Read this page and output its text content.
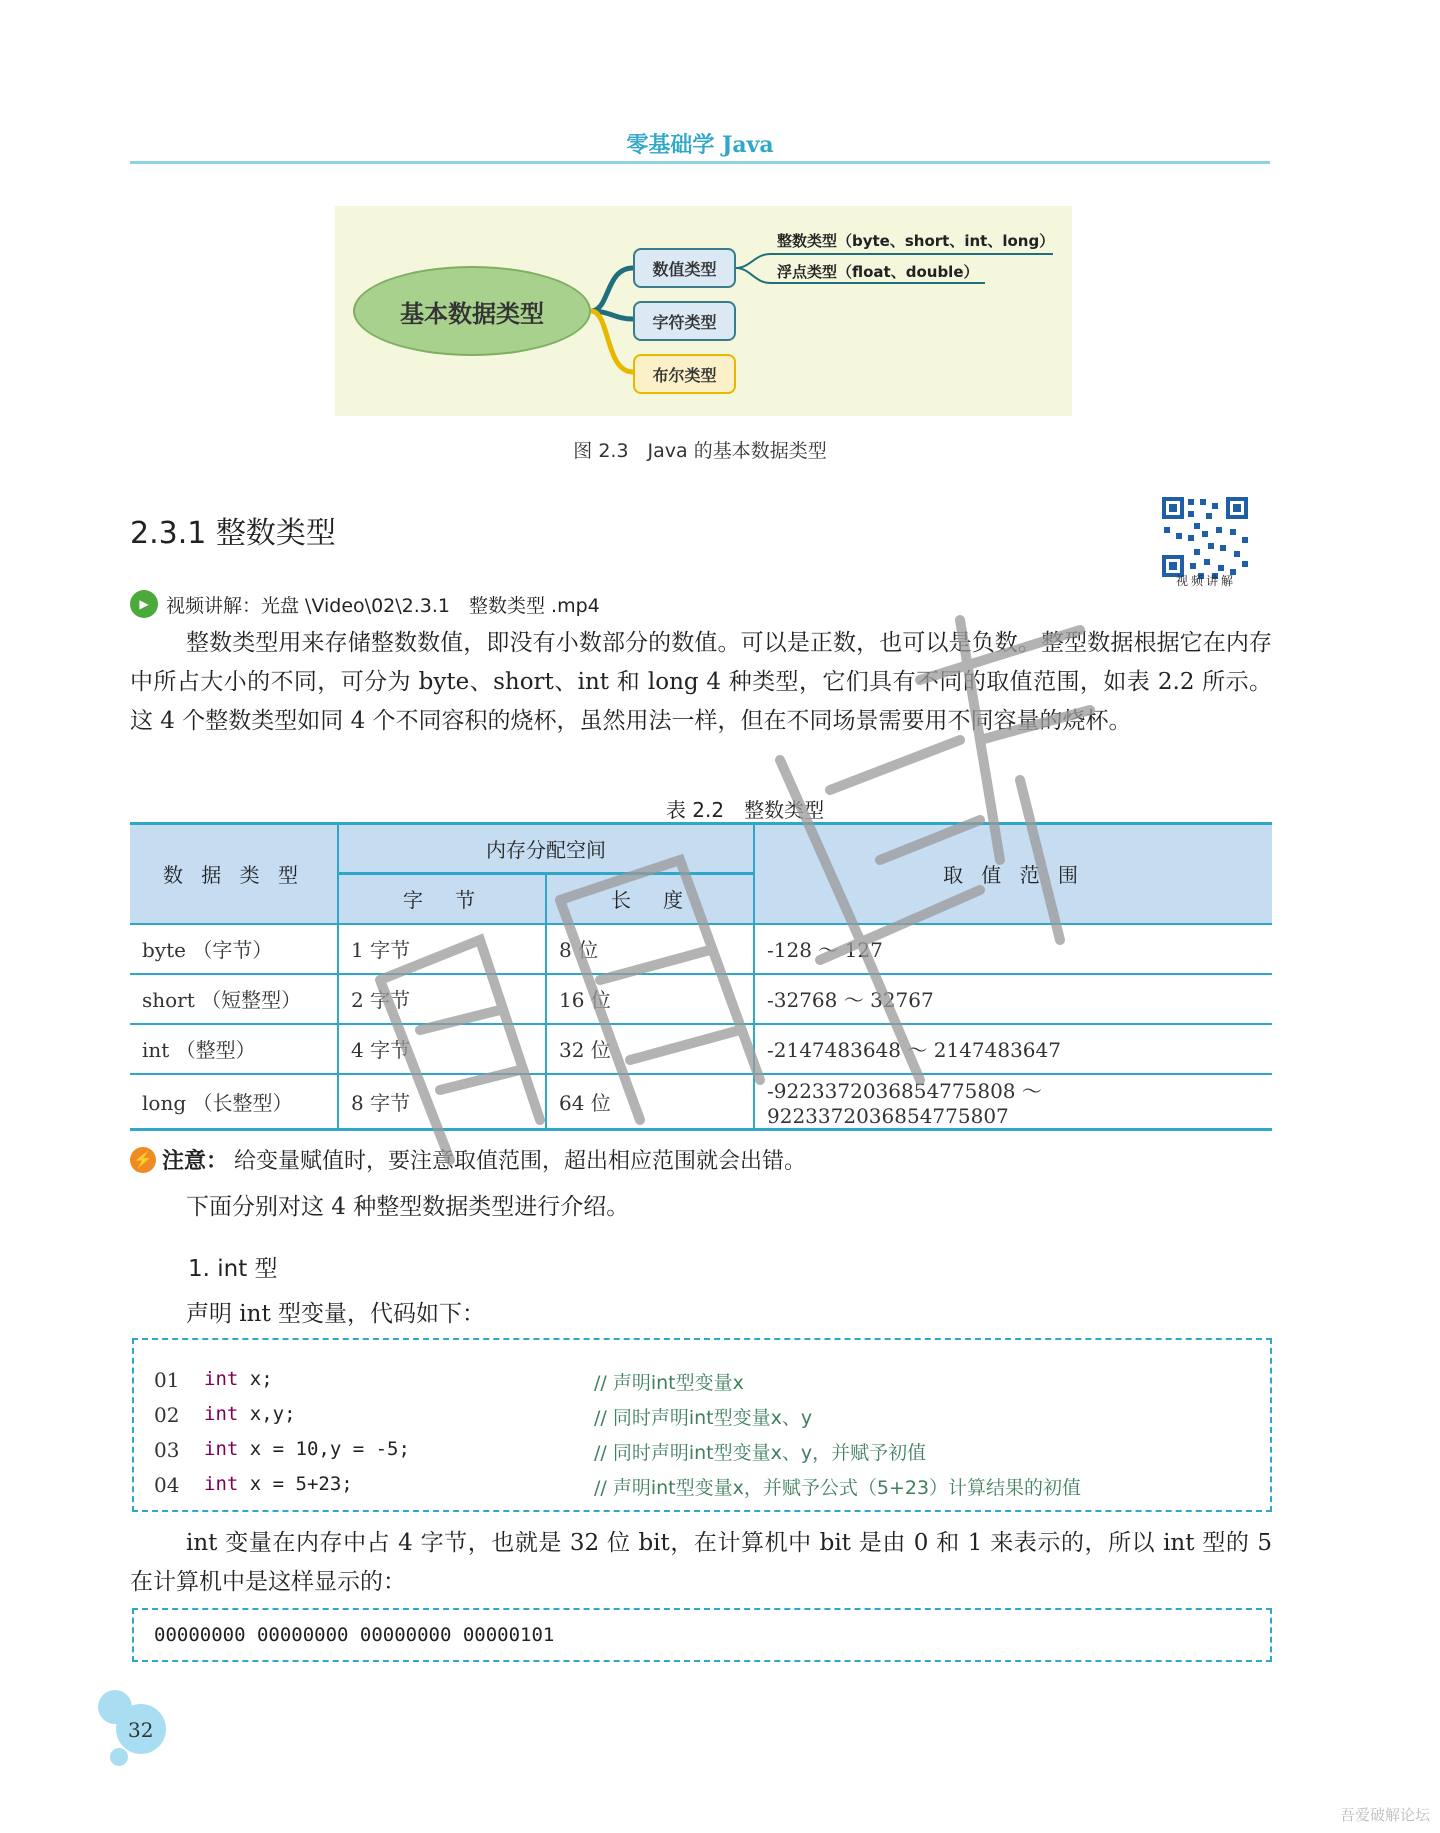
零基础学 Java
基本数据类型
数值类型
字符类型
布尔类型
整数类型（byte、short、int、long）
浮点类型（float、double）
图 2.3　Java 的基本数据类型
2.3.1 整数类型
视频讲解
▶ 视频讲解：光盘 \Video\02\2.3.1　整数类型 .mp4

整数类型用来存储整数数值，即没有小数部分的数值。可以是正数，也可以是负数。整型数据根据它在内存中所占大小的不同，可分为 byte、short、int 和 long 4 种类型，它们具有不同的取值范围，如表 2.2 所示。这 4 个整数类型如同 4 个不同容积的烧杯，虽然用法一样，但在不同场景需要用不同容量的烧杯。

表 2.2　整数类型
数 据 类 型	内存分配空间		取 值 范 围
	字　节	长　度	
byte （字节）	1 字节	8 位	-128 ～ 127
short （短整型）	2 字节	16 位	-32768 ～ 32767
int （整型）	4 字节	32 位	-2147483648 ～ 2147483647
long （长整型）	8 字节	64 位	-9223372036854775808 ～ 9223372036854775807
⚡ 注意： 给变量赋值时，要注意取值范围，超出相应范围就会出错。

下面分别对这 4 种整型数据类型进行介绍。

1. int 型

声明 int 型变量，代码如下：

01 int x;	// 声明int型变量x
02 int x,y;	// 同时声明int型变量x、y
03 int x = 10,y = -5;	// 同时声明int型变量x、y，并赋予初值
04 int x = 5+23;	// 声明int型变量x，并赋予公式（5+23）计算结果的初值

int 变量在内存中占 4 字节，也就是 32 位 bit，在计算机中 bit 是由 0 和 1 来表示的，所以 int 型的 5 在计算机中是这样显示的：

00000000 00000000 00000000 00000101
32
吾爱破解论坛
